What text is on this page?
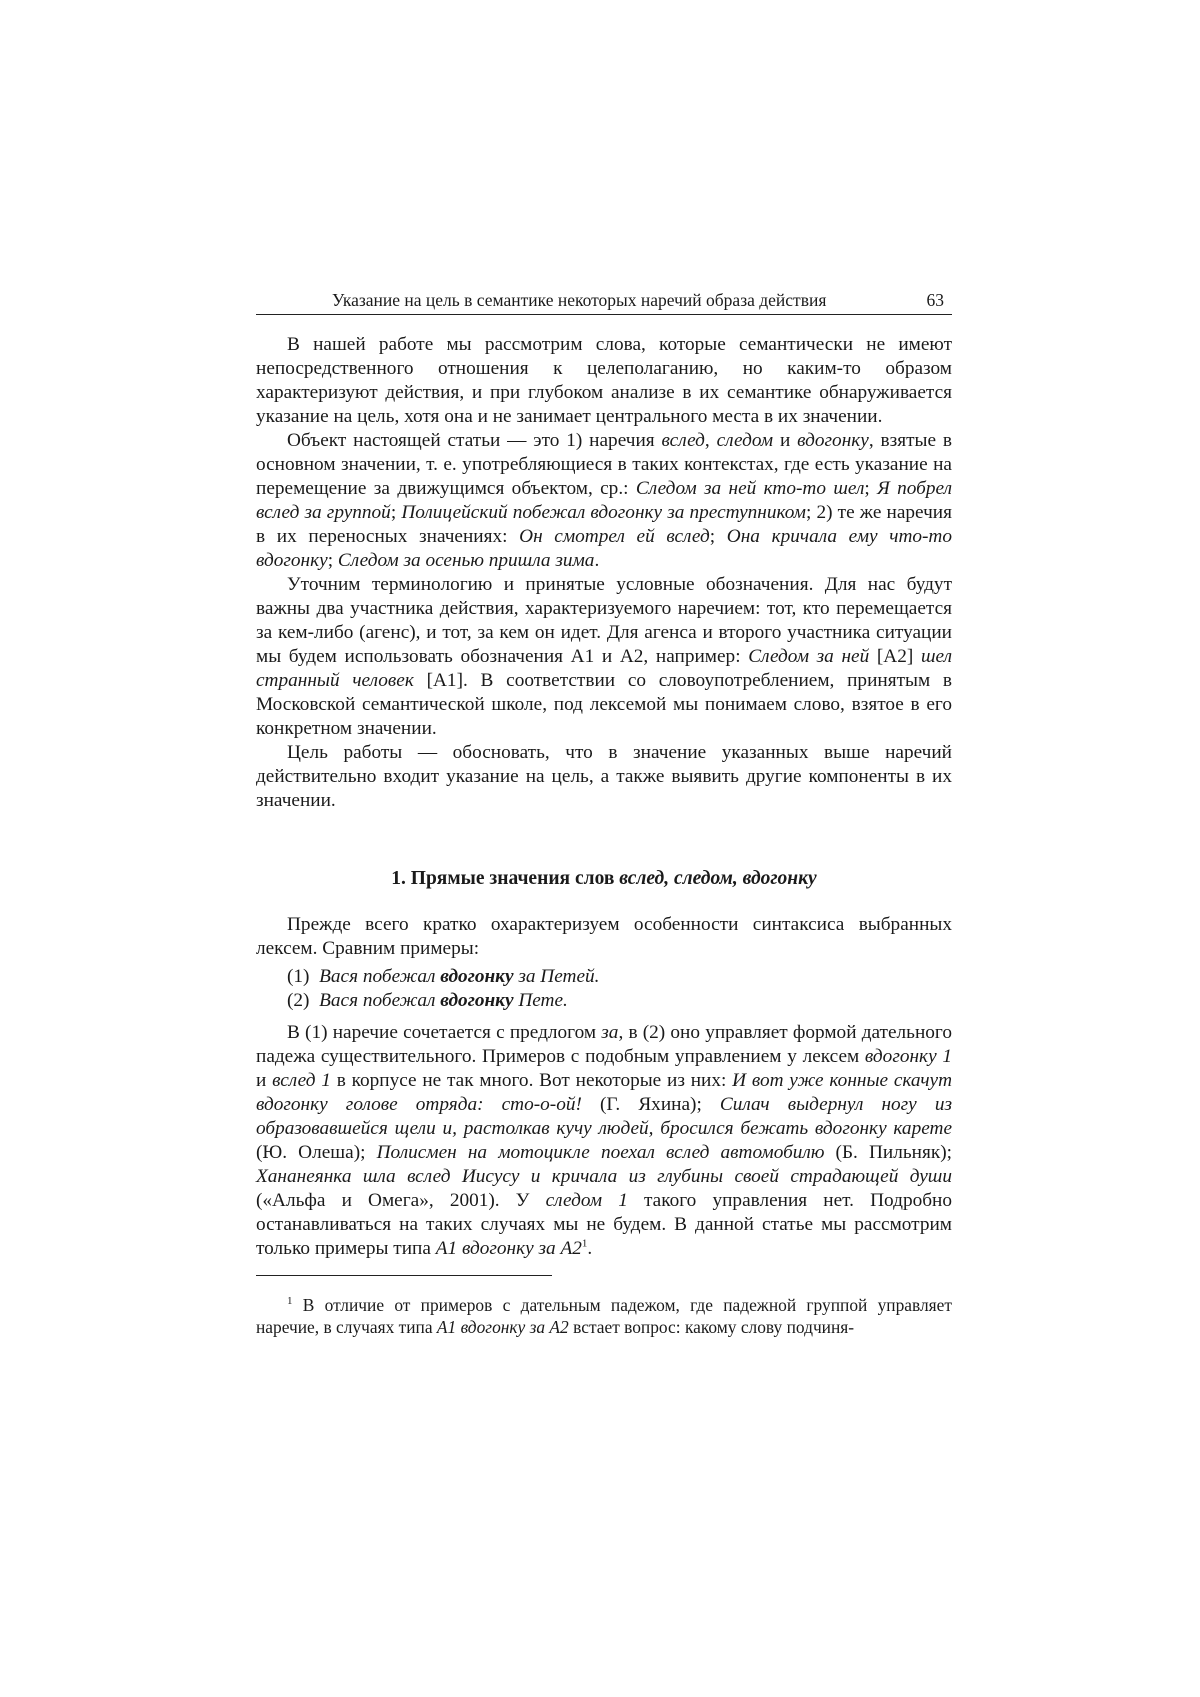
Указание на цель в семантике некоторых наречий образа действия	63

В нашей работе мы рассмотрим слова, которые семантически не имеют непосредственного отношения к целеполаганию, но каким-то образом характеризуют действия, и при глубоком анализе в их семантике обнаруживается указание на цель, хотя она и не занимает центрального места в их значении.

Объект настоящей статьи — это 1) наречия вслед, следом и вдогонку, взятые в основном значении, т. е. употребляющиеся в таких контекстах, где есть указание на перемещение за движущимся объектом, ср.: Следом за ней кто-то шел; Я побрел вслед за группой; Полицейский побежал вдогонку за преступником; 2) те же наречия в их переносных значениях: Он смотрел ей вслед; Она кричала ему что-то вдогонку; Следом за осенью пришла зима.

Уточним терминологию и принятые условные обозначения. Для нас будут важны два участника действия, характеризуемого наречием: тот, кто перемещается за кем-либо (агенс), и тот, за кем он идет. Для агенса и второго участника ситуации мы будем использовать обозначения А1 и А2, например: Следом за ней [А2] шел странный человек [А1]. В соответствии со словоупотреблением, принятым в Московской семантической школе, под лексемой мы понимаем слово, взятое в его конкретном значении.

Цель работы — обосновать, что в значение указанных выше наречий действительно входит указание на цель, а также выявить другие компоненты в их значении.

1. Прямые значения слов вслед, следом, вдогонку

Прежде всего кратко охарактеризуем особенности синтаксиса выбранных лексем. Сравним примеры:

(1) Вася побежал вдогонку за Петей.
(2) Вася побежал вдогонку Пете.

В (1) наречие сочетается с предлогом за, в (2) оно управляет формой дательного падежа существительного. Примеров с подобным управлением у лексем вдогонку 1 и вслед 1 в корпусе не так много. Вот некоторые из них: И вот уже конные скачут вдогонку голове отряда: сто-о-ой! (Г. Яхина); Силач выдернул ногу из образовавшейся щели и, растолкав кучу людей, бросился бежать вдогонку карете (Ю. Олеша); Полисмен на мотоцикле поехал вслед автомобилю (Б. Пильняк); Хананеянка шла вслед Иисусу и кричала из глубины своей страдающей души («Альфа и Омега», 2001). У следом 1 такого управления нет. Подробно останавливаться на таких случаях мы не будем. В данной статье мы рассмотрим только примеры типа А1 вдогонку за $А2^1$.

$^1$ В отличие от примеров с дательным падежом, где падежной группой управляет наречие, в случаях типа А1 вдогонку за А2 встает вопрос: какому слову подчиня-
